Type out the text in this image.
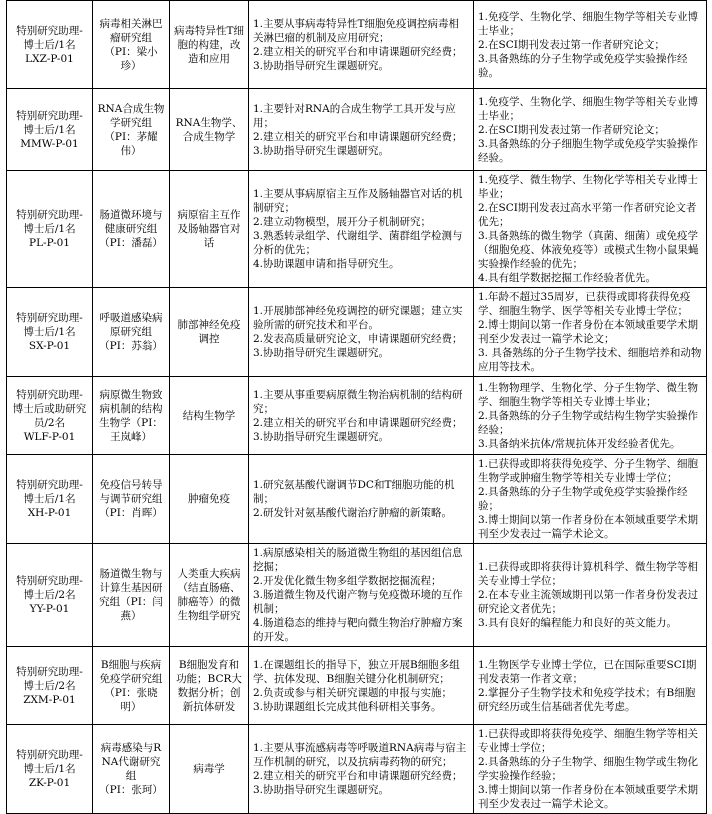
特别研究助理-博士后/1名
LXZ-P-01	病毒相关淋巴瘤研究组
（PI：梁小珍）	病毒特异性T细胞的构建，改造和应用	1.主要从事病毒特异性T细胞免疫调控病毒相关淋巴瘤的机制及应用研究；
2.建立相关的研究平台和申请课题研究经费；
3.协助指导研究生课题研究。	1.免疫学、生物化学、细胞生物学等相关专业博士毕业；
2.在SCI期刊发表过第一作者研究论文；
3.具备熟练的分子生物学或免疫学实验操作经验。

特别研究助理-博士后/1名
MMW-P-01	RNA合成生物学研究组
（PI：茅耀伟）	RNA生物学、合成生物学	1.主要针对RNA的合成生物学工具开发与应用；
2.建立相关的研究平台和申请课题研究经费；
3.协助指导研究生课题研究。	1.免疫学、生物化学、细胞生物学等相关专业博士毕业；
2.在SCI期刊发表过第一作者研究论文；
3.具备熟练的分子细胞生物学或免疫学实验操作经验。

特别研究助理-博士后/1名
PL-P-01	肠道微环境与健康研究组
（PI：潘磊）	病原宿主互作及肠轴器官对话	1.主要从事病原宿主互作及肠轴器官对话的机制研究；
2.建立动物模型，展开分子机制研究；
3.熟悉转录组学、代谢组学、菌群组学检测与分析的优先；
4.协助课题申请和指导研究生。	1.免疫学、微生物学、生物化学等相关专业博士毕业；
2.在SCI期刊发表过高水平第一作者研究论文者优先；
3.具备熟练的微生物学（真菌、细菌）或免疫学（细胞免疫、体液免疫等）或模式生物小鼠果蝇实验操作经验的优先；
4.具有组学数据挖掘工作经验者优先。

特别研究助理-博士后/1名
SX-P-01	呼吸道感染病原研究组
（PI：苏翁）	肺部神经免疫调控	1.开展肺部神经免疫调控的研究课题；建立实验所需的研究技术和平台。
2.发表高质量研究论文，申请课题研究经费；
3.协助指导研究生课题研究。	1.年龄不超过35周岁，已获得或即将获得免疫学、细胞生物学、医学等相关专业博士学位；
2.博士期间以第一作者身份在本领域重要学术期刊至少发表过一篇学术论文；
3. 具备熟练的分子生物学技术、细胞培养和动物应用等技术。

特别研究助理-博士后或助研究员/2名
WLF-P-01	病原微生物致病机制的结构生物学（PI：王岚峰）	结构生物学	1.主要从事重要病原微生物治病机制的结构研究；
2.建立相关的研究平台和申请课题研究经费；
3.协助指导研究生课题研究。	1.生物物理学、生物化学、分子生物学、微生物学、细胞生物学等相关专业博士毕业；
2.具备熟练的分子生物学或结构生物学实验操作经验；
3.具备纳米抗体/常规抗体开发经验者优先。

特别研究助理-博士后/1名
XH-P-01	免疫信号转导与调节研究组
（PI：肖晖）	肿瘤免疫	1.研究氨基酸代谢调节DC和T细胞功能的机制；
2.研发针对氨基酸代谢治疗肿瘤的新策略。	1.已获得或即将获得免疫学、分子生物学、细胞生物学或肿瘤生物学等相关专业博士学位；
2.具备熟练的分子生物学或免疫学实验操作经验；
3.博士期间以第一作者身份在本领域重要学术期刊至少发表过一篇学术论文。

特别研究助理-博士后/2名
YY-P-01	肠道微生物与计算生基因研究组（PI：闫燕）	人类重大疾病（结直肠癌、肺癌等）的微生物组学研究	1.病原感染相关的肠道微生物组的基因组信息挖掘；
2.开发优化微生物多组学数据挖掘流程；
3.肠道微生物及代谢产物与免疫微环境的互作机制；
4.肠道稳态的维持与靶向微生物治疗肿瘤方案的开发。	1.已获得或即将获得计算机科学、微生物学等相关专业博士学位；
2.在本专业主流领域期刊以第一作者身份发表过研究论文者优先；
3.具有良好的编程能力和良好的英文能力。

特别研究助理-博士后/2名
ZXM-P-01	B细胞与疾病免疫学研究组
（PI：张晓明）	B细胞发育和功能；BCR大数据分析；创新抗体研发	1.在课题组长的指导下，独立开展B细胞多组学、抗体发现、B细胞关键分化机制研究；
2.负责或参与相关研究课题的申报与实施；
3.协助课题组长完成其他科研相关事务。	1.生物医学专业博士学位，已在国际重要SCI期刊发表第一作者文章；
2.掌握分子生物学技术和免疫学技术；有B细胞研究经历或生信基础者优先考虑。

特别研究助理-博士后/1名
ZK-P-01	病毒感染与RNA代谢研究组
（PI：张珂）	病毒学	1.主要从事流感病毒等呼吸道RNA病毒与宿主互作机制的研究，以及抗病毒药物的研究；
2.建立相关的研究平台和申请课题研究经费；
3.协助指导研究生课题研究。	1.已获得或即将获得免疫学、细胞生物学等相关专业博士学位；
2.具备熟练的分子生物学、细胞生物学或生物化学实验操作经验；
3.博士期间以第一作者身份在本领域重要学术期刊至少发表过一篇学术论文。
